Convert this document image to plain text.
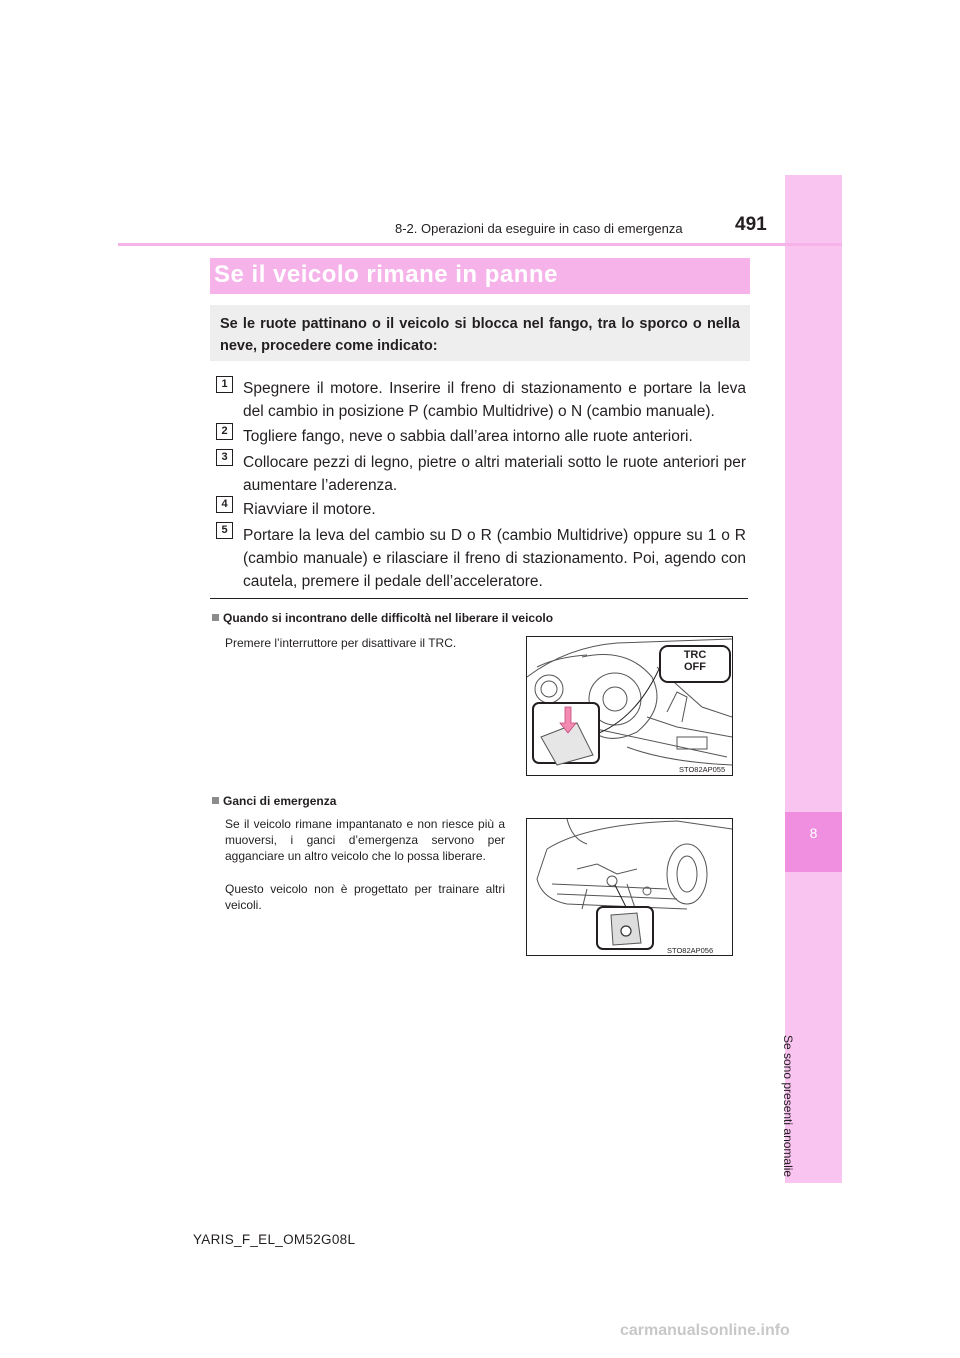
8
Se sono presenti anomalie
8-2. Operazioni da eseguire in caso di emergenza	491
Se il veicolo rimane in panne
Se le ruote pattinano o il veicolo si blocca nel fango, tra lo sporco o nella neve, procedere come indicato:
1 Spegnere il motore. Inserire il freno di stazionamento e portare la leva del cambio in posizione P (cambio Multidrive) o N (cambio manuale).
2 Togliere fango, neve o sabbia dall’area intorno alle ruote anteriori.
3 Collocare pezzi di legno, pietre o altri materiali sotto le ruote anteriori per aumentare l’aderenza.
4 Riavviare il motore.
5 Portare la leva del cambio su D o R (cambio Multidrive) oppure su 1 o R (cambio manuale) e rilasciare il freno di stazionamento. Poi, agendo con cautela, premere il pedale dell’acceleratore.
Quando si incontrano delle difficoltà nel liberare il veicolo
Premere l’interruttore per disattivare il TRC.
TRC
OFF
STO82AP055
Ganci di emergenza
Se il veicolo rimane impantanato e non riesce più a muoversi, i ganci d’emergenza servono per agganciare un altro veicolo che lo possa liberare.
Questo veicolo non è progettato per trainare altri veicoli.
STO82AP056
YARIS_F_EL_OM52G08L
carmanualsonline.info
